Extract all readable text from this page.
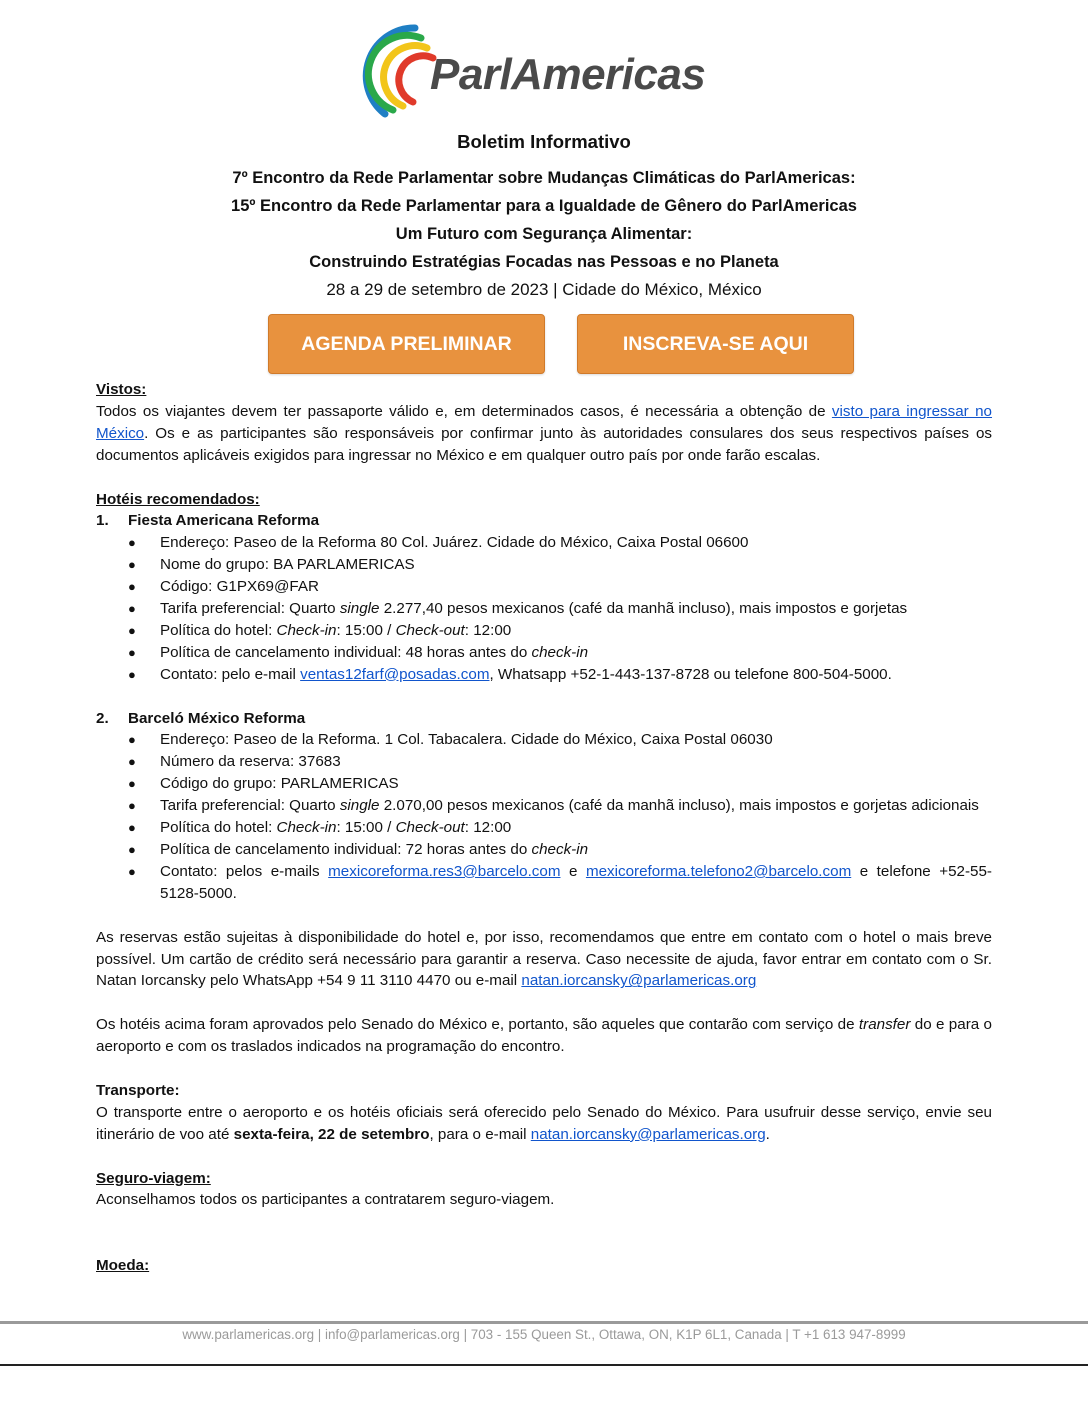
ParlAmericas
Boletim Informativo
7º Encontro da Rede Parlamentar sobre Mudanças Climáticas do ParlAmericas:
15º Encontro da Rede Parlamentar para a Igualdade de Gênero do ParlAmericas
Um Futuro com Segurança Alimentar:
Construindo Estratégias Focadas nas Pessoas e no Planeta
28 a 29 de setembro de 2023 | Cidade do México, México
AGENDA PRELIMINAR	INSCREVA-SE AQUI
Vistos:

Todos os viajantes devem ter passaporte válido e, em determinados casos, é necessária a obtenção de visto para ingressar no México. Os e as participantes são responsáveis por confirmar junto às autoridades consulares dos seus respectivos países os documentos aplicáveis exigidos para ingressar no México e em qualquer outro país por onde farão escalas.

Hotéis recomendados:
1. Fiesta Americana Reforma
● Endereço: Paseo de la Reforma 80 Col. Juárez. Cidade do México, Caixa Postal 06600
● Nome do grupo: BA PARLAMERICAS
● Código: G1PX69@FAR
● Tarifa preferencial: Quarto single 2.277,40 pesos mexicanos (café da manhã incluso), mais impostos e gorjetas
● Política do hotel: Check-in: 15:00 / Check-out: 12:00
● Política de cancelamento individual: 48 horas antes do check-in
● Contato: pelo e-mail ventas12farf@posadas.com, Whatsapp +52-1-443-137-8728 ou telefone 800-504-5000.
2. Barceló México Reforma
● Endereço: Paseo de la Reforma. 1 Col. Tabacalera. Cidade do México, Caixa Postal 06030
● Número da reserva: 37683
● Código do grupo: PARLAMERICAS
● Tarifa preferencial: Quarto single 2.070,00 pesos mexicanos (café da manhã incluso), mais impostos e gorjetas adicionais
● Política do hotel: Check-in: 15:00 / Check-out: 12:00
● Política de cancelamento individual: 72 horas antes do check-in
● Contato: pelos e-mails mexicoreforma.res3@barcelo.com e mexicoreforma.telefono2@barcelo.com e telefone +52-55-5128-5000.

As reservas estão sujeitas à disponibilidade do hotel e, por isso, recomendamos que entre em contato com o hotel o mais breve possível. Um cartão de crédito será necessário para garantir a reserva. Caso necessite de ajuda, favor entrar em contato com o Sr. Natan Iorcansky pelo WhatsApp +54 9 11 3110 4470 ou e-mail natan.iorcansky@parlamericas.org

Os hotéis acima foram aprovados pelo Senado do México e, portanto, são aqueles que contarão com serviço de transfer do e para o aeroporto e com os traslados indicados na programação do encontro.

Transporte:

O transporte entre o aeroporto e os hotéis oficiais será oferecido pelo Senado do México. Para usufruir desse serviço, envie seu itinerário de voo até sexta-feira, 22 de setembro, para o e-mail natan.iorcansky@parlamericas.org.

Seguro-viagem:

Aconselhamos todos os participantes a contratarem seguro-viagem.

Moeda:
www.parlamericas.org | info@parlamericas.org | 703 - 155 Queen St., Ottawa, ON, K1P 6L1, Canada | T +1 613 947-8999
